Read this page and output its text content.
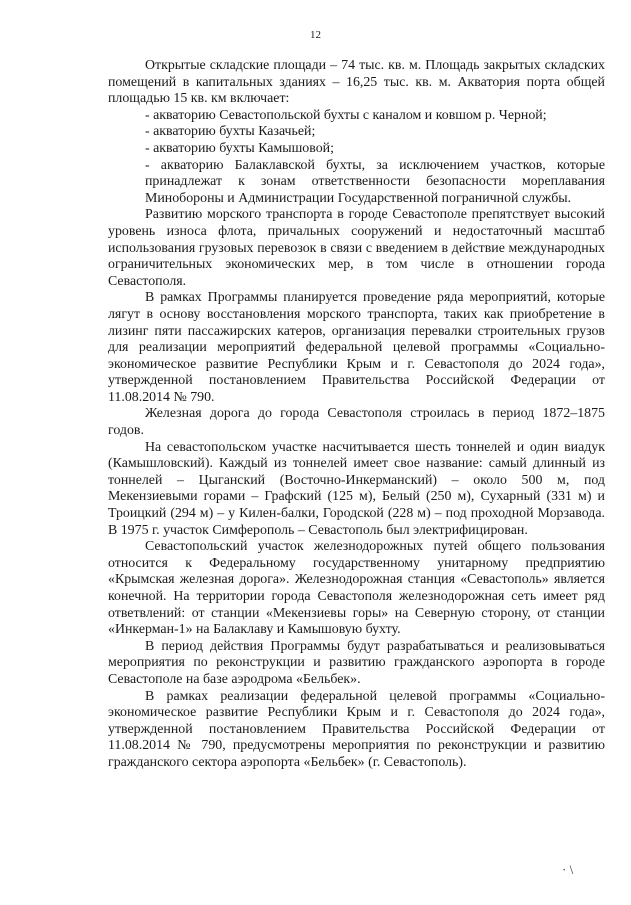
12

Открытые складские площади – 74 тыс. кв. м. Площадь закрытых складских помещений в капитальных зданиях – 16,25 тыс. кв. м. Акватория порта общей площадью 15 кв. км включает:

- акваторию Севастопольской бухты с каналом и ковшом р. Черной;

- акваторию бухты Казачьей;

- акваторию бухты Камышовой;

- акваторию Балаклавской бухты, за исключением участков, которые принадлежат к зонам ответственности безопасности мореплавания Минобороны и Администрации Государственной пограничной службы.

Развитию морского транспорта в городе Севастополе препятствует высокий уровень износа флота, причальных сооружений и недостаточный масштаб использования грузовых перевозок в связи с введением в действие международных ограничительных экономических мер, в том числе в отношении города Севастополя.

В рамках Программы планируется проведение ряда мероприятий, которые лягут в основу восстановления морского транспорта, таких как приобретение в лизинг пяти пассажирских катеров, организация перевалки строительных грузов для реализации мероприятий федеральной целевой программы «Социально-экономическое развитие Республики Крым и г. Севастополя до 2024 года», утвержденной постановлением Правительства Российской Федерации от 11.08.2014 № 790.

Железная дорога до города Севастополя строилась в период 1872–1875 годов.

На севастопольском участке насчитывается шесть тоннелей и один виадук (Камышловский). Каждый из тоннелей имеет свое название: самый длинный из тоннелей – Цыганский (Восточно-Инкерманский) – около 500 м, под Мекензиевыми горами – Графский (125 м), Белый (250 м), Сухарный (331 м) и Троицкий (294 м) – у Килен-балки, Городской (228 м) – под проходной Морзавода. В 1975 г. участок Симферополь – Севастополь был электрифицирован.

Севастопольский участок железнодорожных путей общего пользования относится к Федеральному государственному унитарному предприятию «Крымская железная дорога». Железнодорожная станция «Севастополь» является конечной. На территории города Севастополя железнодорожная сеть имеет ряд ответвлений: от станции «Мекензиевы горы» на Северную сторону, от станции «Инкерман-1» на Балаклаву и Камышовую бухту.

В период действия Программы будут разрабатываться и реализовываться мероприятия по реконструкции и развитию гражданского аэропорта в городе Севастополе на базе аэродрома «Бельбек».

В рамках реализации федеральной целевой программы «Социально-экономическое развитие Республики Крым и г. Севастополя до 2024 года», утвержденной постановлением Правительства Российской Федерации от 11.08.2014 № 790, предусмотрены мероприятия по реконструкции и развитию гражданского сектора аэропорта «Бельбек» (г. Севастополь).

· \
